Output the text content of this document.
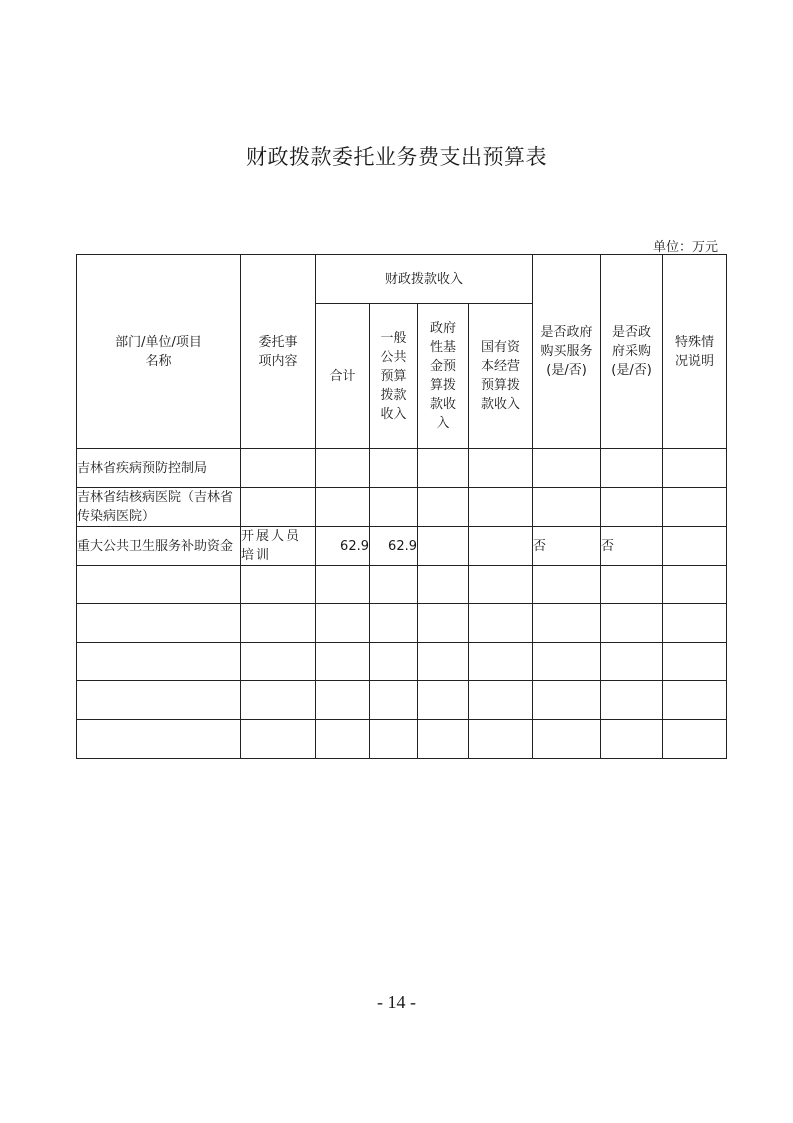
财政拨款委托业务费支出预算表
单位：万元
部门/单位/项目名称	委托事项内容	财政拨款收入				是否政府购买服务(是/否)	是否政府采购(是/否)	特殊情况说明

		合计	一般公共预算拨款收入	政府性基金预算拨款收入	国有资本经营预算拨款收入			

吉林省疾病预防控制局								
吉林省结核病医院（吉林省传染病医院）								
重大公共卫生服务补助资金	开展人员培训	62.9	62.9			否	否	

- 14 -
